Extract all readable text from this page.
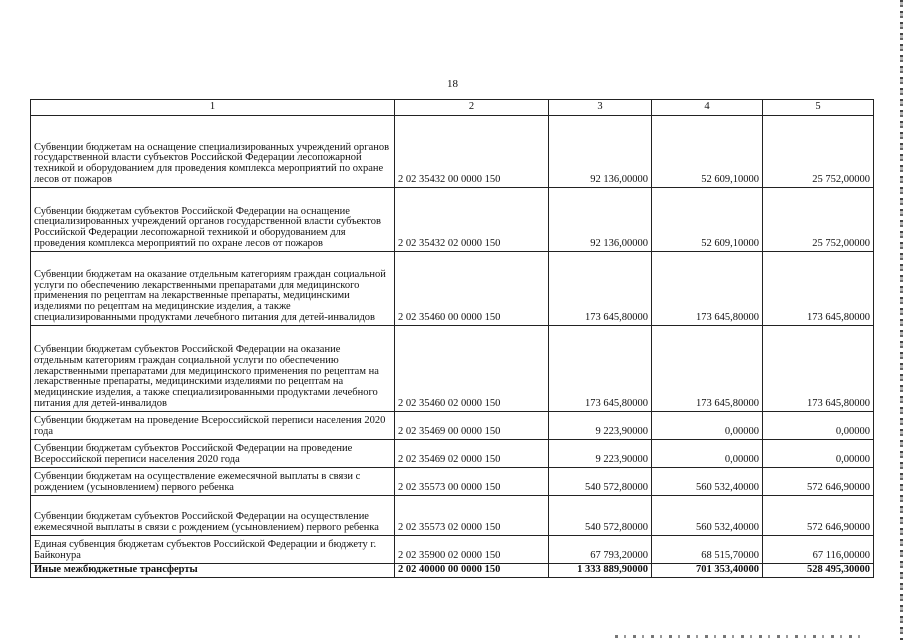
18
1	2	3	4	5
Субвенции бюджетам на оснащение специализированных учреждений органов государственной власти субъектов Российской Федерации лесопожарной техникой и оборудованием для проведения комплекса мероприятий по охране лесов от пожаров	2 02 35432 00 0000 150	92 136,00000	52 609,10000	25 752,00000
Субвенции бюджетам субъектов Российской Федерации на оснащение специализированных учреждений органов государственной власти субъектов Российской Федерации лесопожарной техникой и оборудованием для проведения комплекса мероприятий по охране лесов от пожаров	2 02 35432 02 0000 150	92 136,00000	52 609,10000	25 752,00000
Субвенции бюджетам на оказание отдельным категориям граждан социальной услуги по обеспечению лекарственными препаратами для медицинского применения по рецептам на лекарственные препараты, медицинскими изделиями по рецептам на медицинские изделия, а также специализированными продуктами лечебного питания для детей-инвалидов	2 02 35460 00 0000 150	173 645,80000	173 645,80000	173 645,80000
Субвенции бюджетам субъектов Российской Федерации на оказание отдельным категориям граждан социальной услуги по обеспечению лекарственными препаратами для медицинского применения по рецептам на лекарственные препараты, медицинскими изделиями по рецептам на медицинские изделия, а также специализированными продуктами лечебного питания для детей-инвалидов	2 02 35460 02 0000 150	173 645,80000	173 645,80000	173 645,80000
Субвенции бюджетам на проведение Всероссийской переписи населения 2020 года	2 02 35469 00 0000 150	9 223,90000	0,00000	0,00000
Субвенции бюджетам субъектов Российской Федерации на проведение Всероссийской переписи населения 2020 года	2 02 35469 02 0000 150	9 223,90000	0,00000	0,00000
Субвенции бюджетам на осуществление ежемесячной выплаты в связи с рождением (усыновлением) первого ребенка	2 02 35573 00 0000 150	540 572,80000	560 532,40000	572 646,90000
Субвенции бюджетам субъектов Российской Федерации на осуществление ежемесячной выплаты в связи с рождением (усыновлением) первого ребенка	2 02 35573 02 0000 150	540 572,80000	560 532,40000	572 646,90000
Единая субвенция бюджетам субъектов Российской Федерации и бюджету г. Байконура	2 02 35900 02 0000 150	67 793,20000	68 515,70000	67 116,00000
Иные межбюджетные трансферты	2 02 40000 00 0000 150	1 333 889,90000	701 353,40000	528 495,30000
